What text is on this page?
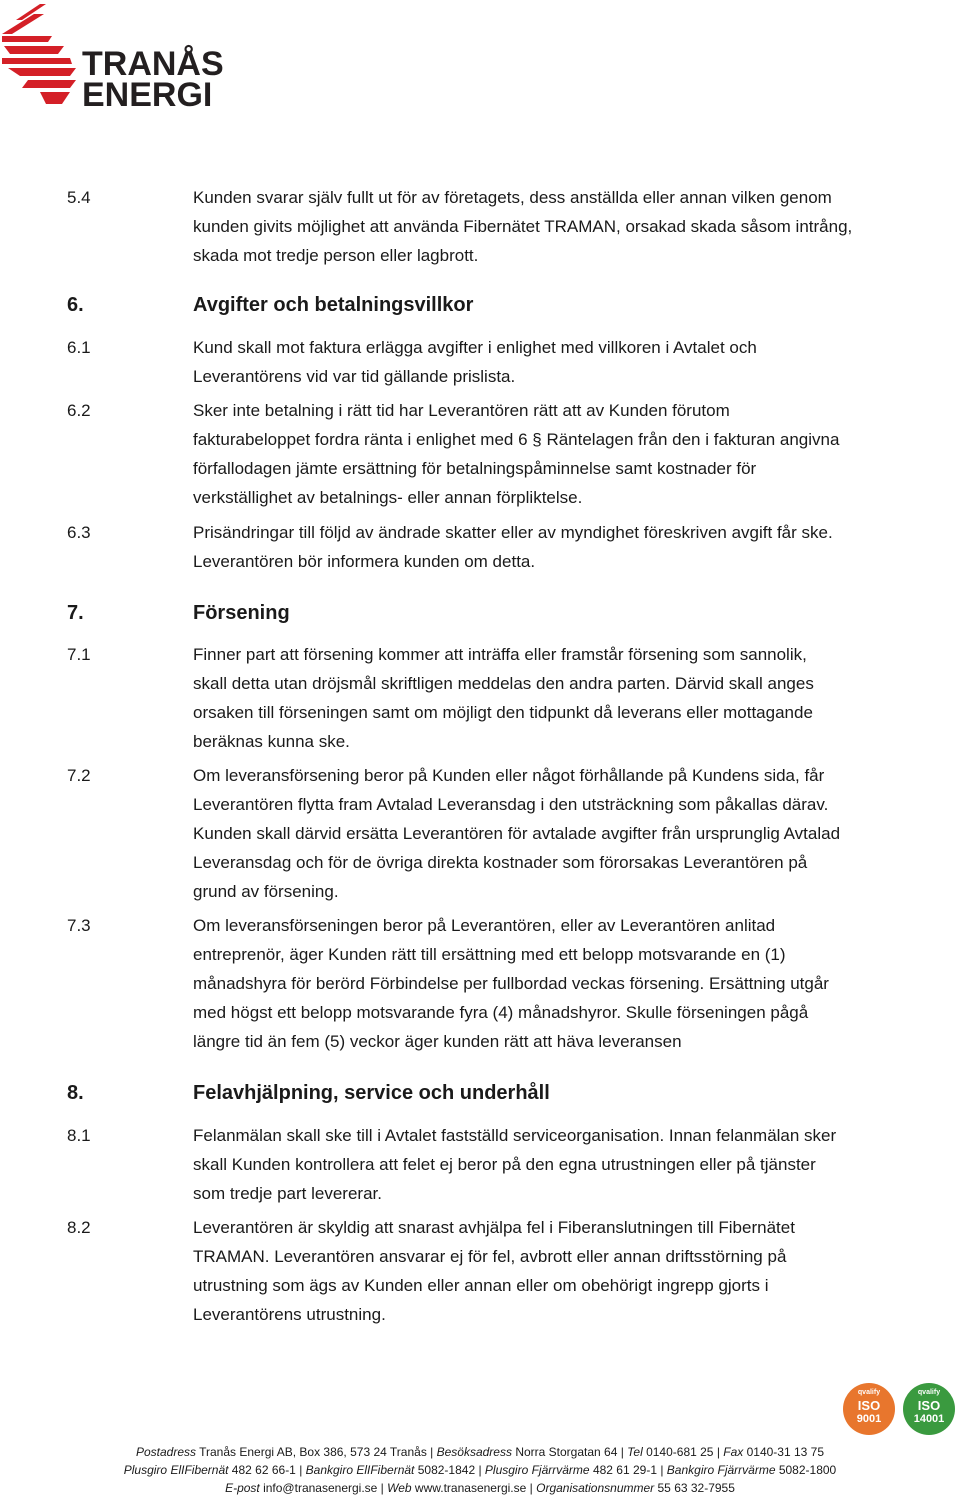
TRANÅS
ENERGI
5.4	Kunden svarar själv fullt ut för av företagets, dess anställda eller annan vilken genom
kunden givits möjlighet att använda Fibernätet TRAMAN, orsakad skada såsom intrång,
skada mot tredje person eller lagbrott.
6.	Avgifter och betalningsvillkor
6.1	Kund skall mot faktura erlägga avgifter i enlighet med villkoren i Avtalet och
Leverantörens vid var tid gällande prislista.
6.2	Sker inte betalning i rätt tid har Leverantören rätt att av Kunden förutom
fakturabeloppet fordra ränta i enlighet med 6 § Räntelagen från den i fakturan angivna
förfallodagen jämte ersättning för betalningspåminnelse samt kostnader för
verkställighet av betalnings- eller annan förpliktelse.
6.3	Prisändringar till följd av ändrade skatter eller av myndighet föreskriven avgift får ske.
Leverantören bör informera kunden om detta.
7.	Försening
7.1	Finner part att försening kommer att inträffa eller framstår försening som sannolik,
skall detta utan dröjsmål skriftligen meddelas den andra parten. Därvid skall anges
orsaken till förseningen samt om möjligt den tidpunkt då leverans eller mottagande
beräknas kunna ske.
7.2	Om leveransförsening beror på Kunden eller något förhållande på Kundens sida, får
Leverantören flytta fram Avtalad Leveransdag i den utsträckning som påkallas därav.
Kunden skall därvid ersätta Leverantören för avtalade avgifter från ursprunglig Avtalad
Leveransdag och för de övriga direkta kostnader som förorsakas Leverantören på
grund av försening.
7.3	Om leveransförseningen beror på Leverantören, eller av Leverantören anlitad
entreprenör, äger Kunden rätt till ersättning med ett belopp motsvarande en (1)
månadshyra för berörd Förbindelse per fullbordad veckas försening. Ersättning utgår
med högst ett belopp motsvarande fyra (4) månadshyror. Skulle förseningen pågå
längre tid än fem (5) veckor äger kunden rätt att häva leveransen
8.	Felavhjälpning, service och underhåll
8.1	Felanmälan skall ske till i Avtalet fastställd serviceorganisation. Innan felanmälan sker
skall Kunden kontrollera att felet ej beror på den egna utrustningen eller på tjänster
som tredje part levererar.
8.2	Leverantören är skyldig att snarast avhjälpa fel i Fiberanslutningen till Fibernätet
TRAMAN. Leverantören ansvarar ej för fel, avbrott eller annan driftsstörning på
utrustning som ägs av Kunden eller annan eller om obehörigt ingrepp gjorts i
Leverantörens utrustning.
qvalify
ISO
9001
qvalify
ISO
14001
Postadress Tranås Energi AB, Box 386, 573 24 Tranås | Besöksadress Norra Storgatan 64 | Tel 0140-681 25 | Fax 0140-31 13 75
Plusgiro ElIFibernät 482 62 66-1 | Bankgiro ElIFibernät 5082-1842 | Plusgiro Fjärrvärme 482 61 29-1 | Bankgiro Fjärrvärme 5082-1800
E-post info@tranasenergi.se | Web www.tranasenergi.se | Organisationsnummer 55 63 32-7955
